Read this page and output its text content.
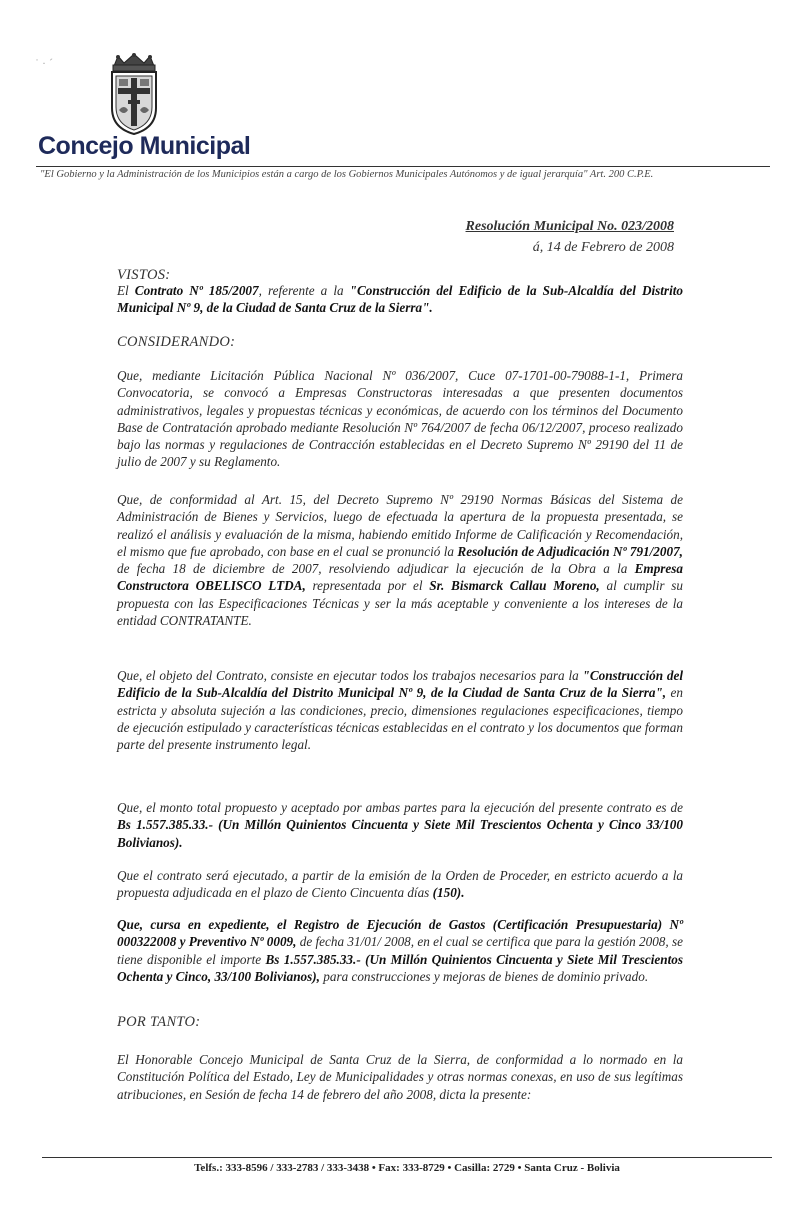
˙ · ˊ
Concejo Municipal
"El Gobierno y la Administración de los Municipios están a cargo de los Gobiernos Municipales Autónomos y de igual jerarquía" Art. 200 C.P.E.
Resolución Municipal No. 023/2008
á, 14 de Febrero de 2008
VISTOS:
El Contrato Nº 185/2007, referente a la "Construcción del Edificio de la Sub-Alcaldía del Distrito Municipal Nº 9, de la Ciudad de Santa Cruz de la Sierra".
CONSIDERANDO:
Que, mediante Licitación Pública Nacional Nº 036/2007, Cuce 07-1701-00-79088-1-1, Primera Convocatoria, se convocó a Empresas Constructoras interesadas a que presenten documentos administrativos, legales y propuestas técnicas y económicas, de acuerdo con los términos del Documento Base de Contratación aprobado mediante Resolución Nº 764/2007 de fecha 06/12/2007, proceso realizado bajo las normas y regulaciones de Contracción establecidas en el Decreto Supremo Nº 29190 del 11 de julio de 2007 y su Reglamento.
Que, de conformidad al Art. 15, del Decreto Supremo Nº 29190 Normas Básicas del Sistema de Administración de Bienes y Servicios, luego de efectuada la apertura de la propuesta presentada, se realizó el análisis y evaluación de la misma, habiendo emitido Informe de Calificación y Recomendación, el mismo que fue aprobado, con base en el cual se pronunció la Resolución de Adjudicación Nº 791/2007, de fecha 18 de diciembre de 2007, resolviendo adjudicar la ejecución de la Obra a la Empresa Constructora OBELISCO LTDA, representada por el Sr. Bismarck Callau Moreno, al cumplir su propuesta con las Especificaciones Técnicas y ser la más aceptable y conveniente a los intereses de la entidad CONTRATANTE.
Que, el objeto del Contrato, consiste en ejecutar todos los trabajos necesarios para la "Construcción del Edificio de la Sub-Alcaldía del Distrito Municipal Nº 9, de la Ciudad de Santa Cruz de la Sierra", en estricta y absoluta sujeción a las condiciones, precio, dimensiones regulaciones especificaciones, tiempo de ejecución estipulado y características técnicas establecidas en el contrato y los documentos que forman parte del presente instrumento legal.
Que, el monto total propuesto y aceptado por ambas partes para la ejecución del presente contrato es de Bs 1.557.385.33.- (Un Millón Quinientos Cincuenta y Siete Mil Trescientos Ochenta y Cinco 33/100 Bolivianos).
Que el contrato será ejecutado, a partir de la emisión de la Orden de Proceder, en estricto acuerdo a la propuesta adjudicada en el plazo de Ciento Cincuenta días (150).
Que, cursa en expediente, el Registro de Ejecución de Gastos (Certificación Presupuestaria) Nº 000322008 y Preventivo Nº 0009, de fecha 31/01/ 2008, en el cual se certifica que para la gestión 2008, se tiene disponible el importe Bs 1.557.385.33.- (Un Millón Quinientos Cincuenta y Siete Mil Trescientos Ochenta y Cinco, 33/100 Bolivianos), para construcciones y mejoras de bienes de dominio privado.
POR TANTO:
El Honorable Concejo Municipal de Santa Cruz de la Sierra, de conformidad a lo normado en la Constitución Política del Estado, Ley de Municipalidades y otras normas conexas, en uso de sus legítimas atribuciones, en Sesión de fecha 14 de febrero del año 2008, dicta la presente:
Telfs.: 333-8596 / 333-2783 / 333-3438 • Fax: 333-8729 • Casilla: 2729 • Santa Cruz - Bolivia
